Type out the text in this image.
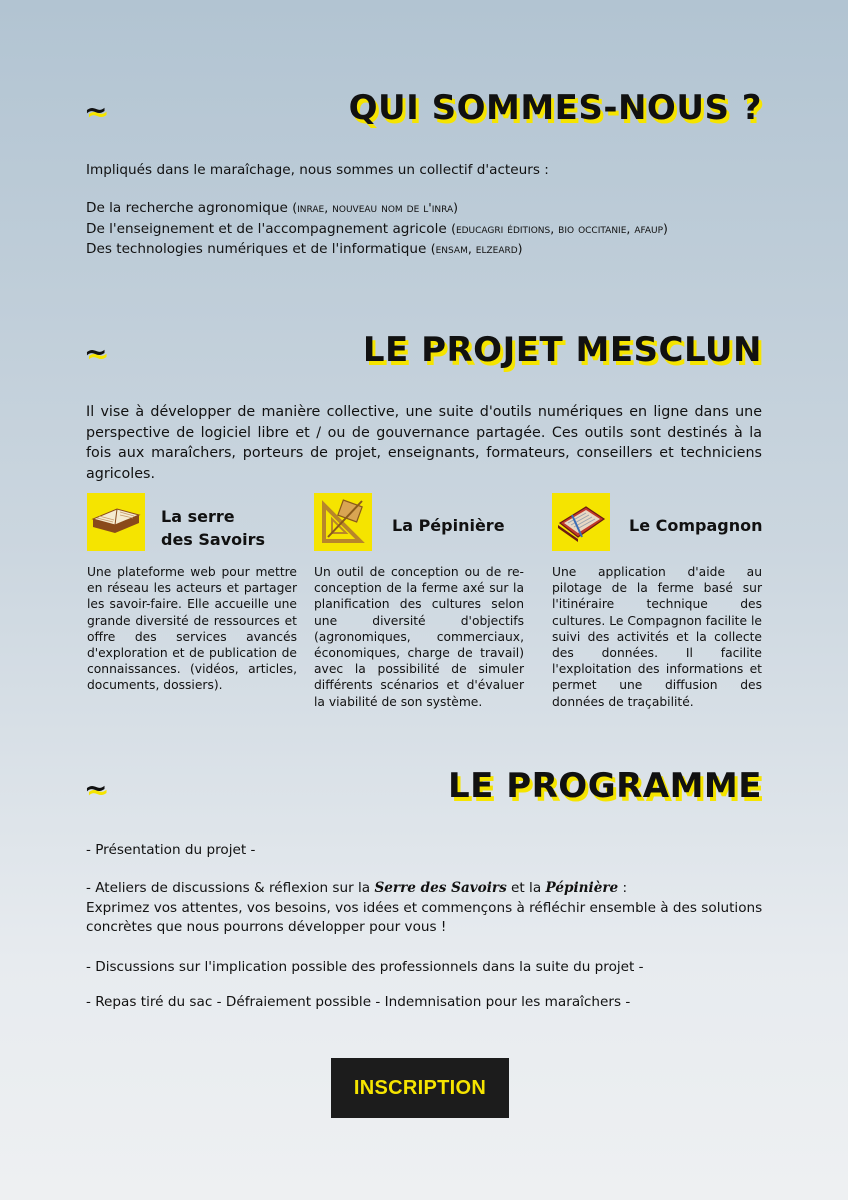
~	QUI SOMMES-NOUS ?
Impliqués dans le maraîchage, nous sommes un collectif d'acteurs :
De la recherche agronomique (inrae, nouveau nom de l'inra)
De l'enseignement et de l'accompagnement agricole (educagri éditions, bio occitanie, afaup)
Des technologies numériques et de l'informatique (ensam, elzeard)
~	LE PROJET MESCLUN
Il vise à développer de manière collective, une suite d'outils numériques en ligne dans une perspective de logiciel libre et / ou de gouvernance partagée. Ces outils sont destinés à la fois aux maraîchers, porteurs de projet, enseignants, formateurs, conseillers et techniciens agricoles.
La serre
des Savoirs
Une plateforme web pour mettre en réseau les acteurs et partager les savoir-faire. Elle accueille une grande diversité de ressources et offre des services avancés d'exploration et de publication de connaissances. (vidéos, articles, documents, dossiers).
La Pépinière
Un outil de conception ou de re-conception de la ferme axé sur la planification des cultures selon une diversité d'objectifs (agronomiques, commerciaux, économiques, charge de travail) avec la possibilité de simuler différents scénarios et d'évaluer la viabilité de son système.
Le Compagnon
Une application d'aide au pilotage de la ferme basé sur l'itinéraire technique des cultures. Le Compagnon facilite le suivi des activités et la collecte des données. Il facilite l'exploitation des informations et permet une diffusion des données de traçabilité.
~	LE PROGRAMME
- Présentation du projet -
- Ateliers de discussions & réflexion sur la Serre des Savoirs et la Pépinière :
Exprimez vos attentes, vos besoins, vos idées et commençons à réfléchir ensemble à des solutions concrètes que nous pourrons développer pour vous !
- Discussions sur l'implication possible des professionnels dans la suite du projet -
- Repas tiré du sac - Défraiement possible - Indemnisation pour les maraîchers -
INSCRIPTION
